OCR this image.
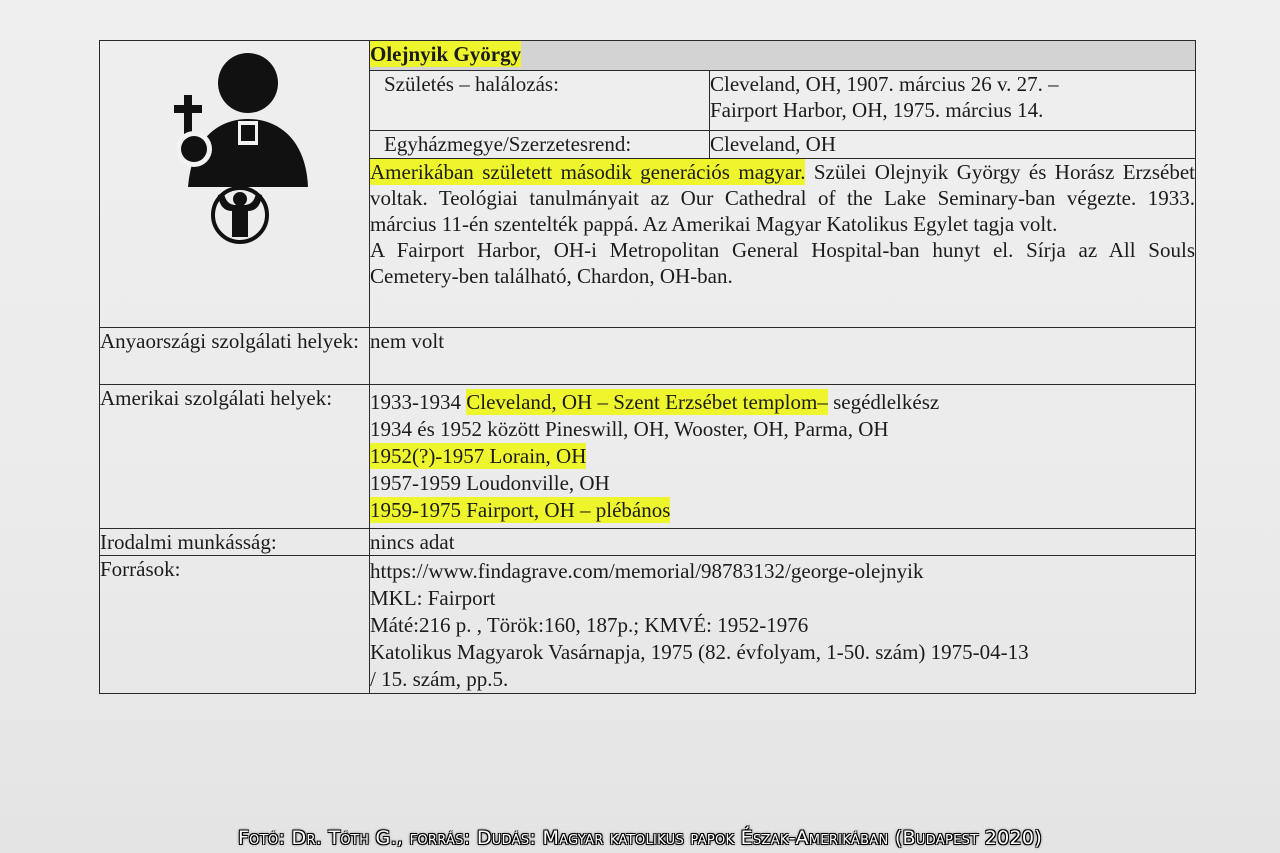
	Olejnyik György	
	Születés – halálozás:	Cleveland, OH, 1907. március 26 v. 27. –
Fairport Harbor, OH, 1975. március 14.

	Egyházmegye/Szerzetesrend:	Cleveland, OH

	Amerikában született második generációs magyar. Szülei Olejnyik György és Horász Erzsébet voltak. Teológiai tanulmányait az Our Cathedral of the Lake Seminary-ban végezte. 1933. március 11-én szentelték pappá. Az Amerikai Magyar Katolikus Egylet tagja volt.

A Fairport Harbor, OH-i Metropolitan General Hospital-ban hunyt el. Sírja az All Souls Cemetery-ben található, Chardon, OH-ban.	

Anyaországi szolgálati helyek:	nem volt	
Amerikai szolgálati helyek:	1933-1934 Cleveland, OH – Szent Erzsébet templom– segédlelkész
1934 és 1952 között Pineswill, OH, Wooster, OH, Parma, OH
1952(?)-1957 Lorain, OH
1957-1959 Loudonville, OH
1959-1975 Fairport, OH – plébános	

Irodalmi munkásság:	nincs adat	
Források:	https://www.findagrave.com/memorial/98783132/george-olejnyik
MKL: Fairport
Máté:216 p. , Török:160, 187p.; KMVÉ: 1952-1976
Katolikus Magyarok Vasárnapja, 1975 (82. évfolyam, 1-50. szám) 1975-04-13
/ 15. szám, pp.5.	
Fotó: Dr. Tóth G., forrás: Dudás: Magyar katolikus papok Észak-Amerikában (Budapest 2020)
